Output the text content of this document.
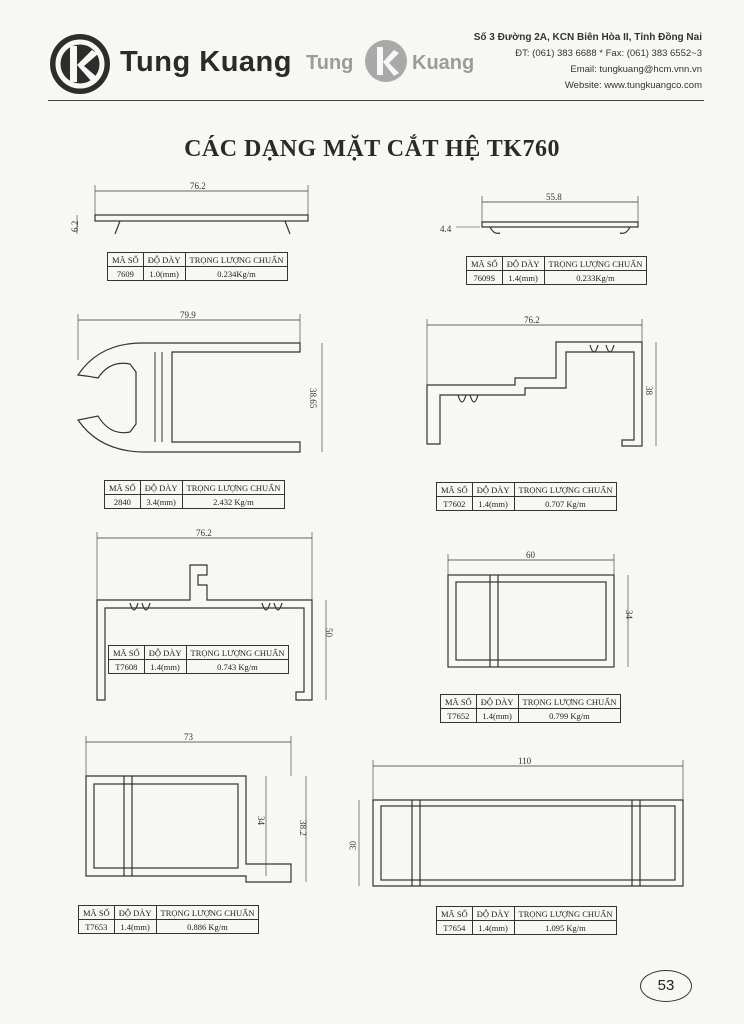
Tung Kuang Tung	Kuang
Số 3 Đường 2A, KCN Biên Hòa II, Tỉnh Đồng Nai
ĐT: (061) 383 6688 * Fax: (061) 383 6552~3
Email: tungkuang@hcm.vnn.vn
Website: www.tungkuangco.com
CÁC DẠNG MẶT CẮT HỆ TK760
76.2
6.2
55.8
4.4
79.9
38.65
76.2
38
76.2
50
60
34
73
34	38.2
110
30
MÃ SỐ	ĐỘ DÀY	TRỌNG LƯỢNG CHUẨN
7609	1.0(mm)	0.234Kg/m
MÃ SỐ	ĐỘ DÀY	TRỌNG LƯỢNG CHUẨN
7609S	1.4(mm)	0.233Kg/m
MÃ SỐ	ĐỘ DÀY	TRỌNG LƯỢNG CHUẨN
2840	3.4(mm)	2.432 Kg/m
MÃ SỐ	ĐỘ DÀY	TRỌNG LƯỢNG CHUẨN
T7602	1.4(mm)	0.707 Kg/m
MÃ SỐ	ĐỘ DÀY	TRỌNG LƯỢNG CHUẨN
T7608	1.4(mm)	0.743 Kg/m
MÃ SỐ	ĐỘ DÀY	TRỌNG LƯỢNG CHUẨN
T7652	1.4(mm)	0.799 Kg/m
MÃ SỐ	ĐỘ DÀY	TRỌNG LƯỢNG CHUẨN
T7653	1.4(mm)	0.886 Kg/m
MÃ SỐ	ĐỘ DÀY	TRỌNG LƯỢNG CHUẨN
T7654	1.4(mm)	1.095 Kg/m
53
